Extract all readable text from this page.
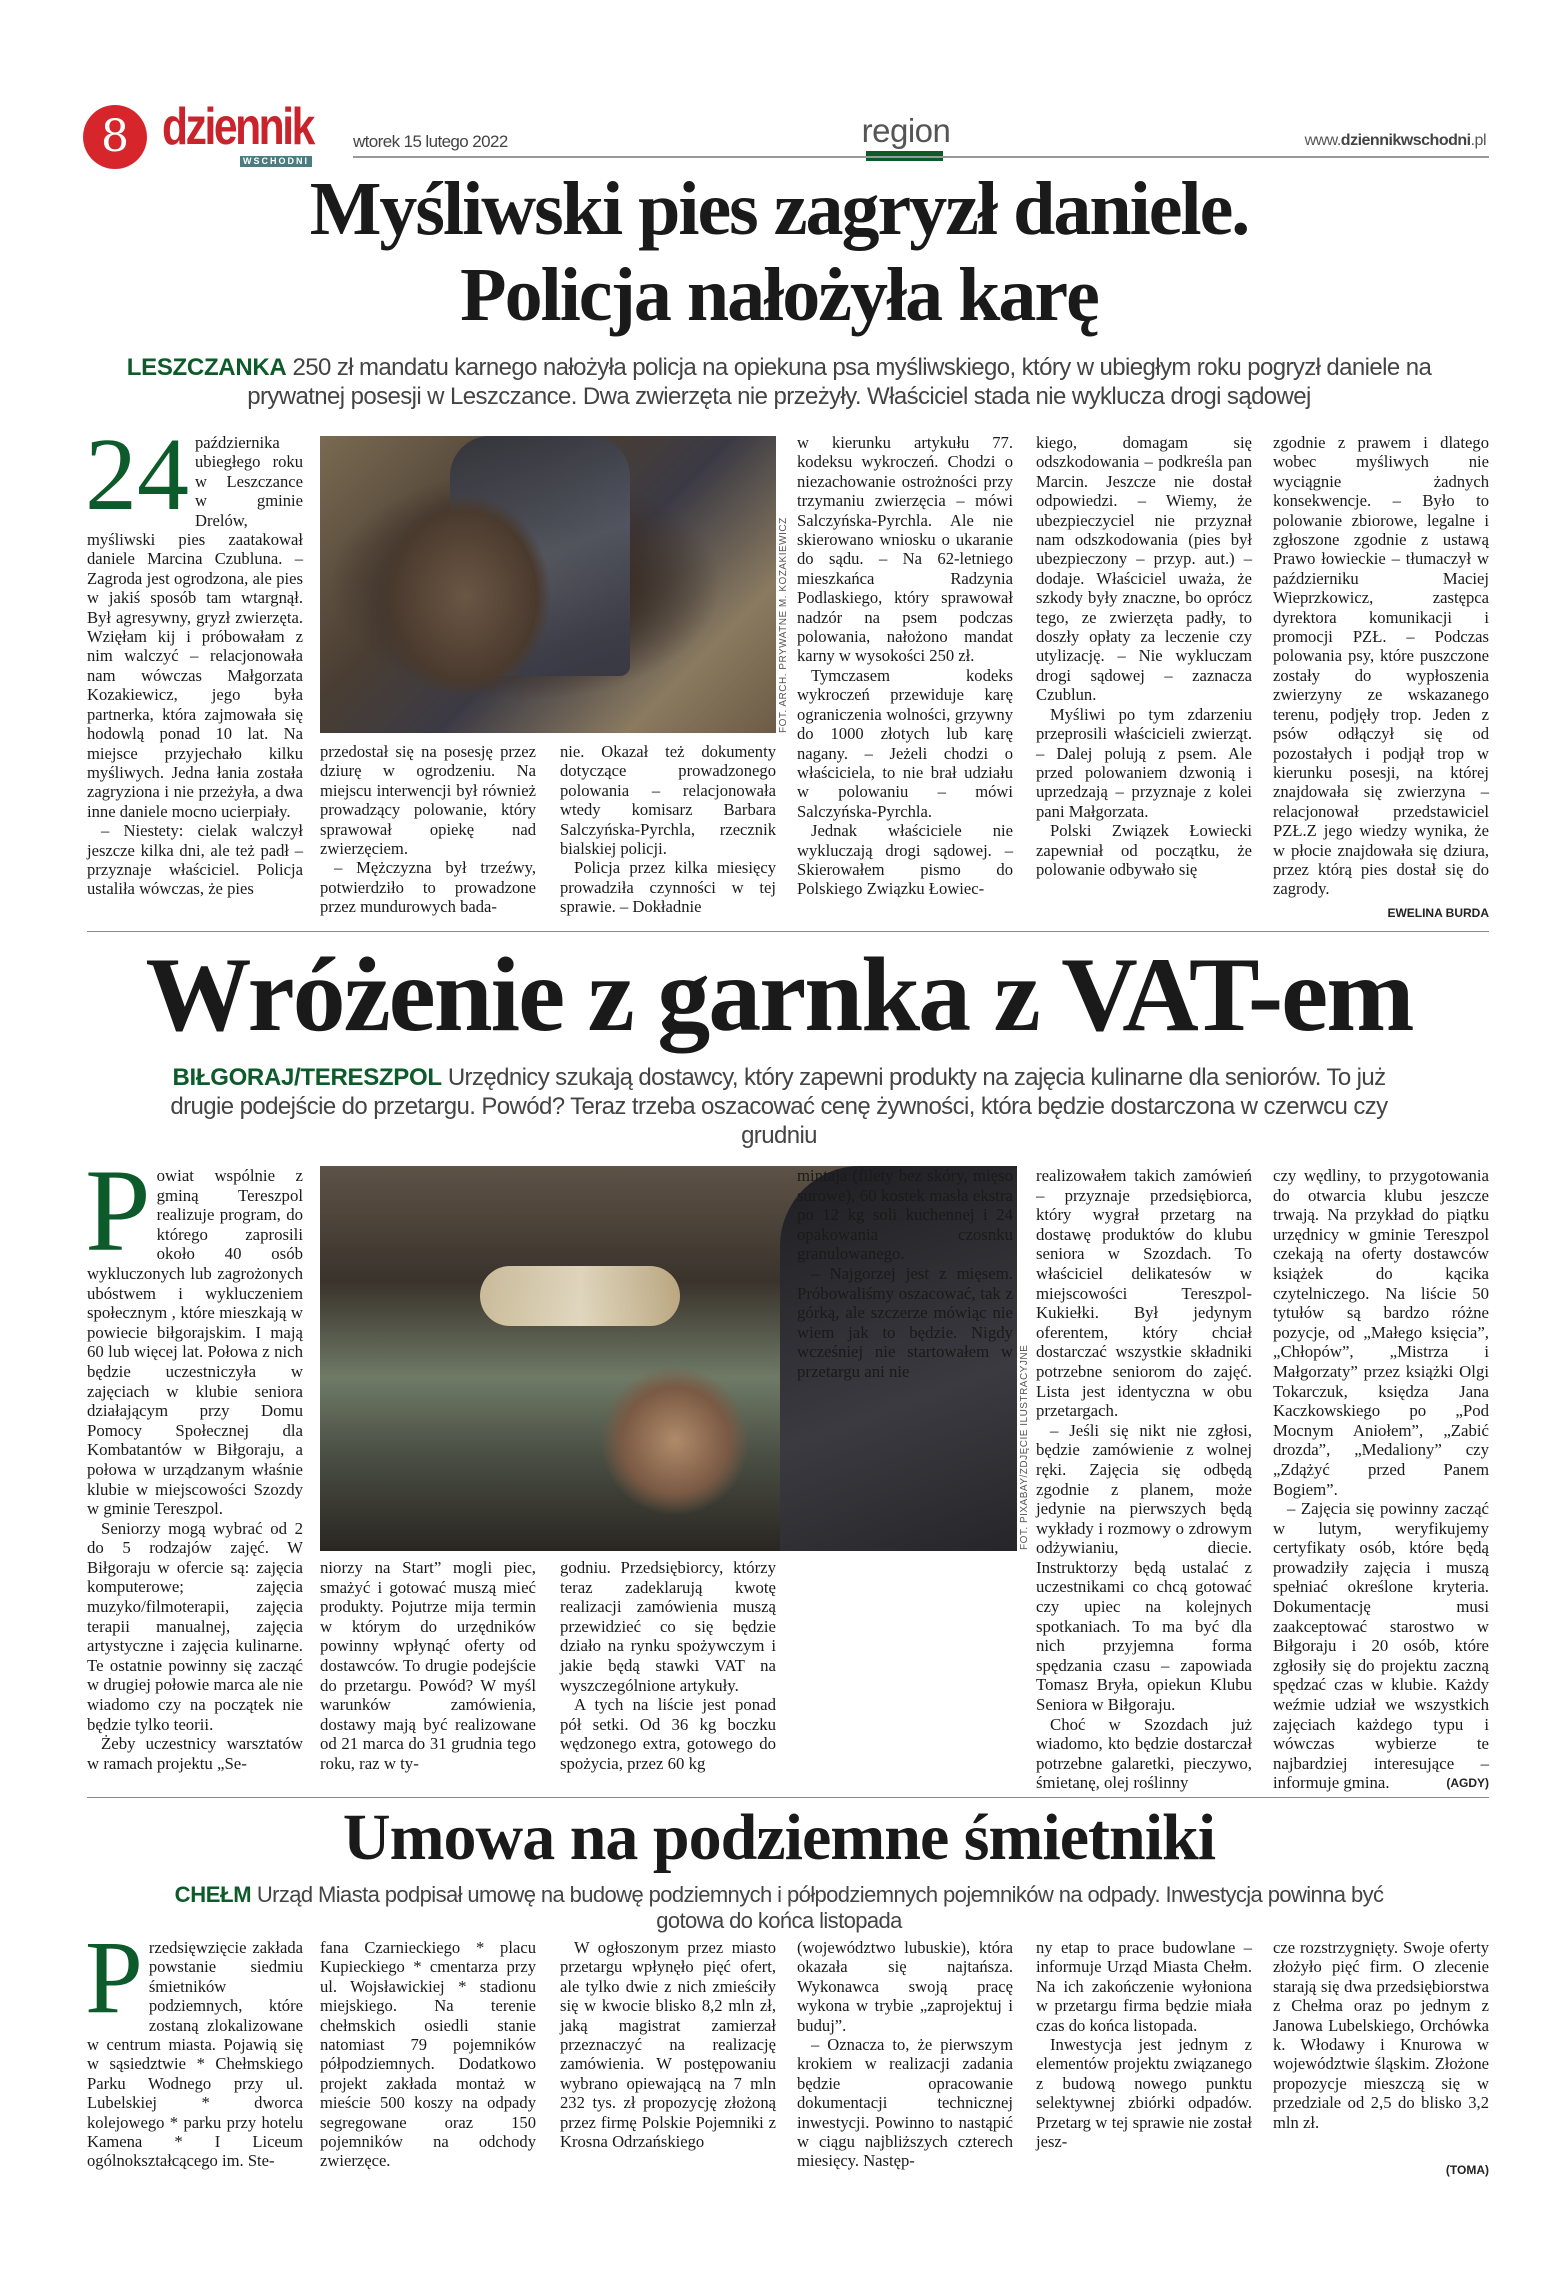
8 dziennik
WSCHODNI
wtorek 15 lutego 2022	region	www.dziennikwschodni.pl
Myśliwski pies zagryzł daniele.
Policja nałożyła karę
LESZCZANKA 250 zł mandatu karnego nałożyła policja na opiekuna psa myśliwskiego, który w ubiegłym roku pogryzł daniele na prywatnej posesji w Leszczance. Dwa zwierzęta nie przeżyły. Właściciel stada nie wyklucza drogi sądowej
FOT. ARCH. PRYWATNE M. KOZAKIEWICZ
EWELINA BURDA

24 października ubiegłego roku w Leszczance w gminie Drelów, myśliwski pies zaatakował daniele Marcina Czubluna. – Zagroda jest ogrodzona, ale pies w jakiś sposób tam wtargnął. Był agresywny, gryzł zwierzęta. Wzięłam kij i próbowałam z nim walczyć – relacjonowała nam wówczas Małgorzata Kozakiewicz, jego była partnerka, która zajmowała się hodowlą ponad 10 lat. Na miejsce przyjechało kilku myśliwych. Jedna łania została zagryziona i nie przeżyła, a dwa inne daniele mocno ucierpiały.

– Niestety: cielak walczył jeszcze kilka dni, ale też padł – przyznaje właściciel. Policja ustaliła wówczas, że pies

przedostał się na posesję przez dziurę w ogrodzeniu. Na miejscu interwencji był również prowadzący polowanie, który sprawował opiekę nad zwierzęciem.

– Mężczyzna był trzeźwy, potwierdziło to prowadzone przez mundurowych bada-

nie. Okazał też dokumenty dotyczące prowadzonego polowania – relacjonowała wtedy komisarz Barbara Salczyńska-Pyrchla, rzecznik bialskiej policji.

Policja przez kilka miesięcy prowadziła czynności w tej sprawie. – Dokładnie

w kierunku artykułu 77. kodeksu wykroczeń. Chodzi o niezachowanie ostrożności przy trzymaniu zwierzęcia – mówi Salczyńska-Pyrchla. Ale nie skierowano wniosku o ukaranie do sądu. – Na 62-letniego mieszkańca Radzynia Podlaskiego, który sprawował nadzór na psem podczas polowania, nałożono mandat karny w wysokości 250 zł.

Tymczasem kodeks wykroczeń przewiduje karę ograniczenia wolności, grzywny do 1000 złotych lub karę nagany. – Jeżeli chodzi o właściciela, to nie brał udziału w polowaniu – mówi Salczyńska-Pyrchla.

Jednak właściciele nie wykluczają drogi sądowej. – Skierowałem pismo do Polskiego Związku Łowiec-

kiego, domagam się odszkodowania – podkreśla pan Marcin. Jeszcze nie dostał odpowiedzi. – Wiemy, że ubezpieczyciel nie przyznał nam odszkodowania (pies był ubezpieczony – przyp. aut.) –dodaje. Właściciel uważa, że szkody były znaczne, bo oprócz tego, ze zwierzęta padły, to doszły opłaty za leczenie czy utylizację. – Nie wykluczam drogi sądowej – zaznacza Czublun.

Myśliwi po tym zdarzeniu przeprosili właścicieli zwierząt. – Dalej polują z psem. Ale przed polowaniem dzwonią i uprzedzają – przyznaje z kolei pani Małgorzata.

Polski Związek Łowiecki zapewniał od początku, że polowanie odbywało się

zgodnie z prawem i dlatego wobec myśliwych nie wyciągnie żadnych konsekwencje. – Było to polowanie zbiorowe, legalne i zgłoszone zgodnie z ustawą Prawo łowieckie – tłumaczył w październiku Maciej Wieprzkowicz, zastępca dyrektora komunikacji i promocji PZŁ. – Podczas polowania psy, które puszczone zostały do wypłoszenia zwierzyny ze wskazanego terenu, podjęły trop. Jeden z psów odłączył się od pozostałych i podjął trop w kierunku posesji, na której znajdowała się zwierzyna – relacjonował przedstawiciel PZŁ.Z jego wiedzy wynika, że w płocie znajdowała się dziura, przez którą pies dostał się do zagrody.

Wróżenie z garnka z VAT-em
BIŁGORAJ/TERESZPOL Urzędnicy szukają dostawcy, który zapewni produkty na zajęcia kulinarne dla seniorów. To już drugie podejście do przetargu. Powód? Teraz trzeba oszacować cenę żywności, która będzie dostarczona w czerwcu czy grudniu
FOT. PIXABAY/ZDJĘCIE ILUSTRACYJNE
(AGDY)

Powiat wspólnie z gminą Tereszpol realizuje program, do którego zaprosili około 40 osób wykluczonych lub zagrożonych ubóstwem i wykluczeniem społecznym , które mieszkają w powiecie biłgorajskim. I mają 60 lub więcej lat. Połowa z nich będzie uczestniczyła w zajęciach w klubie seniora działającym przy Domu Pomocy Społecznej dla Kombatantów w Biłgoraju, a połowa w urządzanym właśnie klubie w miejscowości Szozdy w gminie Tereszpol.

Seniorzy mogą wybrać od 2 do 5 rodzajów zajęć. W Biłgoraju w ofercie są: zajęcia komputerowe; zajęcia muzyko/filmoterapii, zajęcia terapii manualnej, zajęcia artystyczne i zajęcia kulinarne. Te ostatnie powinny się zacząć w drugiej połowie marca ale nie wiadomo czy na początek nie będzie tylko teorii.

Żeby uczestnicy warsztatów w ramach projektu „Se-

niorzy na Start” mogli piec, smażyć i gotować muszą mieć produkty. Pojutrze mija termin w którym do urzędników powinny wpłynąć oferty od dostawców. To drugie podejście do przetargu. Powód? W myśl warunków zamówienia, dostawy mają być realizowane od 21 marca do 31 grudnia tego roku, raz w ty-

godniu. Przedsiębiorcy, którzy teraz zadeklarują kwotę realizacji zamówienia muszą przewidzieć co się będzie działo na rynku spożywczym i jakie będą stawki VAT na wyszczególnione artykuły.

A tych na liście jest ponad pół setki. Od 36 kg boczku wędzonego extra, gotowego do spożycia, przez 60 kg

mintaja (filety bez skóry, mięso surowe), 60 kostek masła ekstra po 12 kg soli kuchennej i 24 opakowania czosnku granulowanego.

– Najgorzej jest z mięsem. Próbowaliśmy oszacować, tak z górką, ale szczerze mówiąc nie wiem jak to będzie. Nigdy wcześniej nie startowałem w przetargu ani nie

realizowałem takich zamówień – przyznaje przedsiębiorca, który wygrał przetarg na dostawę produktów do klubu seniora w Szozdach. To właściciel delikatesów w miejscowości Tereszpol-Kukiełki. Był jedynym oferentem, który chciał dostarczać wszystkie składniki potrzebne seniorom do zajęć. Lista jest identyczna w obu przetargach.

– Jeśli się nikt nie zgłosi, będzie zamówienie z wolnej ręki. Zajęcia się odbędą zgodnie z planem, może jedynie na pierwszych będą wykłady i rozmowy o zdrowym odżywianiu, diecie. Instruktorzy będą ustalać z uczestnikami co chcą gotować czy upiec na kolejnych spotkaniach. To ma być dla nich przyjemna forma spędzania czasu – zapowiada Tomasz Bryła, opiekun Klubu Seniora w Biłgoraju.

Choć w Szozdach już wiadomo, kto będzie dostarczał potrzebne galaretki, pieczywo, śmietanę, olej roślinny

czy wędliny, to przygotowania do otwarcia klubu jeszcze trwają. Na przykład do piątku urzędnicy w gminie Tereszpol czekają na oferty dostawców książek do kącika czytelniczego. Na liście 50 tytułów są bardzo różne pozycje, od „Małego księcia”, „Chłopów”, „Mistrza i Małgorzaty” przez książki Olgi Tokarczuk, księdza Jana Kaczkowskiego po „Pod Mocnym Aniołem”, „Zabić drozda”, „Medaliony” czy „Zdążyć przed Panem Bogiem”.

– Zajęcia się powinny zacząć w lutym, weryfikujemy certyfikaty osób, które będą prowadziły zajęcia i muszą spełniać określone kryteria. Dokumentację musi zaakceptować starostwo w Biłgoraju i 20 osób, które zgłosiły się do projektu zaczną spędzać czas w klubie. Każdy weźmie udział we wszystkich zajęciach każdego typu i wówczas wybierze te najbardziej interesujące – informuje gmina.

Umowa na podziemne śmietniki
CHEŁM Urząd Miasta podpisał umowę na budowę podziemnych i półpodziemnych pojemników na odpady. Inwestycja powinna być gotowa do końca listopada
(TOMA)

Przedsięwzięcie zakłada powstanie siedmiu śmietników podziemnych, które zostaną zlokalizowane w centrum miasta. Pojawią się w sąsiedztwie * Chełmskiego Parku Wodnego przy ul. Lubelskiej * dworca kolejowego * parku przy hotelu Kamena * I Liceum ogólnokształcącego im. Ste-

fana Czarnieckiego * placu Kupieckiego * cmentarza przy ul. Wojsławickiej * stadionu miejskiego. Na terenie chełmskich osiedli stanie natomiast 79 pojemników półpodziemnych. Dodatkowo projekt zakłada montaż w mieście 500 koszy na odpady segregowane oraz 150 pojemników na odchody zwierzęce.

W ogłoszonym przez miasto przetargu wpłynęło pięć ofert, ale tylko dwie z nich zmieściły się w kwocie blisko 8,2 mln zł, jaką magistrat zamierzał przeznaczyć na realizację zamówienia. W postępowaniu wybrano opiewającą na 7 mln 232 tys. zł propozycję złożoną przez firmę Polskie Pojemniki z Krosna Odrzańskiego

(województwo lubuskie), która okazała się najtańsza. Wykonawca swoją pracę wykona w trybie „zaprojektuj i buduj”.

– Oznacza to, że pierwszym krokiem w realizacji zadania będzie opracowanie dokumentacji technicznej inwestycji. Powinno to nastąpić w ciągu najbliższych czterech miesięcy. Następ-

ny etap to prace budowlane – informuje Urząd Miasta Chełm. Na ich zakończenie wyłoniona w przetargu firma będzie miała czas do końca listopada.

Inwestycja jest jednym z elementów projektu związanego z budową nowego punktu selektywnej zbiórki odpadów. Przetarg w tej sprawie nie został jesz-

cze rozstrzygnięty. Swoje oferty złożyło pięć firm. O zlecenie starają się dwa przedsiębiorstwa z Chełma oraz po jednym z Janowa Lubelskiego, Orchówka k. Włodawy i Knurowa w województwie śląskim. Złożone propozycje mieszczą się w przedziale od 2,5 do blisko 3,2 mln zł.
